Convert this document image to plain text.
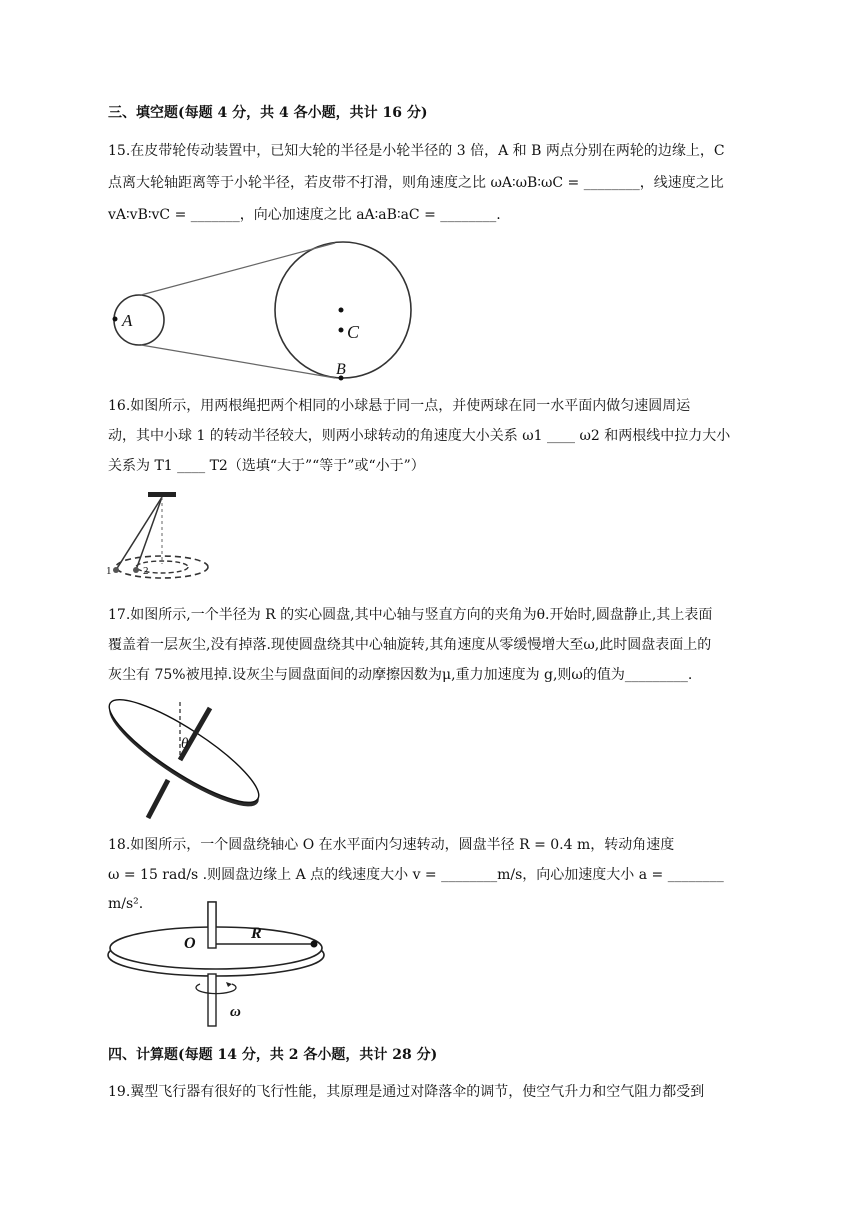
三、填空题(每题 4 分，共 4 各小题，共计 16 分)
15.在皮带轮传动装置中，已知大轮的半径是小轮半径的 3 倍，A 和 B 两点分别在两轮的边缘上，C
点离大轮轴距离等于小轮半径，若皮带不打滑，则角速度之比 ωA∶ωB∶ωC = ________，线速度之比
vA∶vB∶vC = _______，向心加速度之比 aA∶aB∶aC = ________.
A
C
B
16.如图所示，用两根绳把两个相同的小球悬于同一点，并使两球在同一水平面内做匀速圆周运
动，其中小球 1 的转动半径较大，则两小球转动的角速度大小关系 ω1 ____ ω2 和两根线中拉力大小
关系为 T1 ____ T2（选填“大于”“等于”或“小于”）
1	2
17.如图所示,一个半径为 R 的实心圆盘,其中心轴与竖直方向的夹角为θ.开始时,圆盘静止,其上表面
覆盖着一层灰尘,没有掉落.现使圆盘绕其中心轴旋转,其角速度从零缓慢增大至ω,此时圆盘表面上的
灰尘有 75%被甩掉.设灰尘与圆盘面间的动摩擦因数为μ,重力加速度为 g,则ω的值为_________.
θ
18.如图所示，一个圆盘绕轴心 O 在水平面内匀速转动，圆盘半径 R = 0.4 m，转动角速度
ω = 15 rad/s .则圆盘边缘上 A 点的线速度大小 v = ________m/s，向心加速度大小 a = ________ m/s².
O
R
ω
四、计算题(每题 14 分，共 2 各小题，共计 28 分)
19.翼型飞行器有很好的飞行性能，其原理是通过对降落伞的调节，使空气升力和空气阻力都受到
